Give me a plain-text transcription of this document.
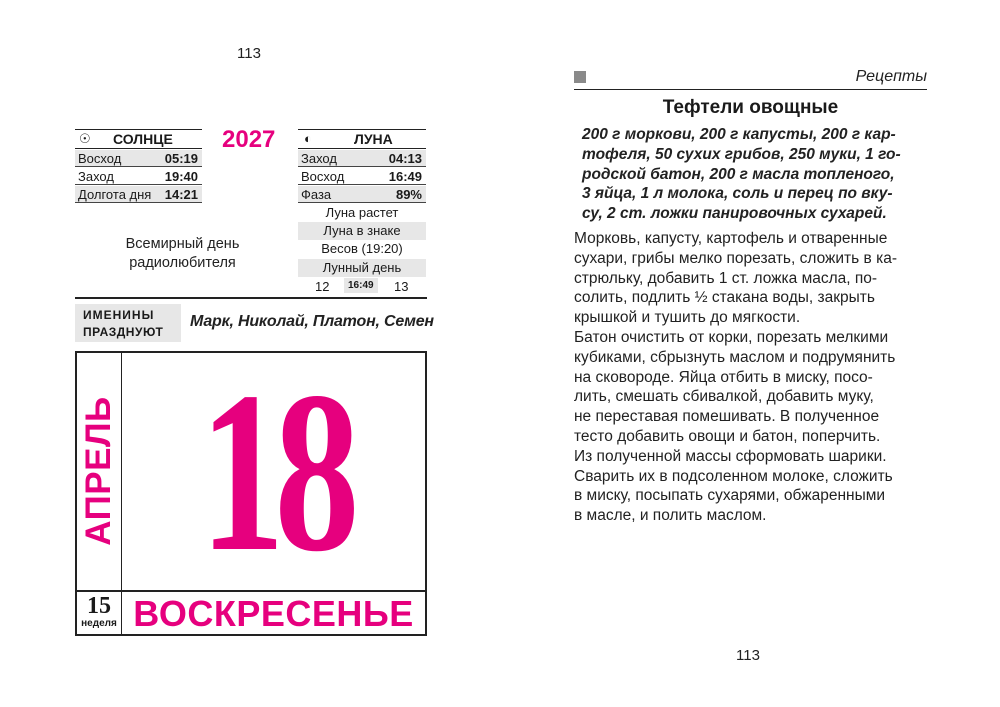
113
☉ СОЛНЦЕ
Восход	05:19
Заход	19:40
Долгота дня 14:21
2027 ◐	ЛУНА
Заход	04:13
Восход	16:49
Фаза	89%
Луна растет
Луна в знаке
Весов (19:20)
Лунный день
12	16:49	13
Всемирный день
радиолюбителя
ИМЕНИНЫ
ПРАЗДНУЮТ
Марк, Николай, Платон, Семен
АПРЕЛЬ 18
15
неделя ВОСКРЕСЕНЬЕ
Рецепты
Тефтели овощные
200 г моркови, 200 г капусты, 200 г кар-
тофеля, 50 сухих грибов, 250 муки, 1 го-
родской батон, 200 г масла топленого,
3 яйца, 1 л молока, соль и перец по вку-
су, 2 ст. ложки панировочных сухарей.
Морковь, капусту, картофель и отваренные
сухари, грибы мелко порезать, сложить в ка-
стрюльку, добавить 1 ст. ложка масла, по-
солить, подлить ½ стакана воды, закрыть
крышкой и тушить до мягкости.
Батон очистить от корки, порезать мелкими
кубиками, сбрызнуть маслом и подрумянить
на сковороде. Яйца отбить в миску, посо-
лить, смешать сбивалкой, добавить муку,
не переставая помешивать. В полученное
тесто добавить овощи и батон, поперчить.
Из полученной массы сформовать шарики.
Сварить их в подсоленном молоке, сложить
в миску, посыпать сухарями, обжаренными
в масле, и полить маслом.
113
